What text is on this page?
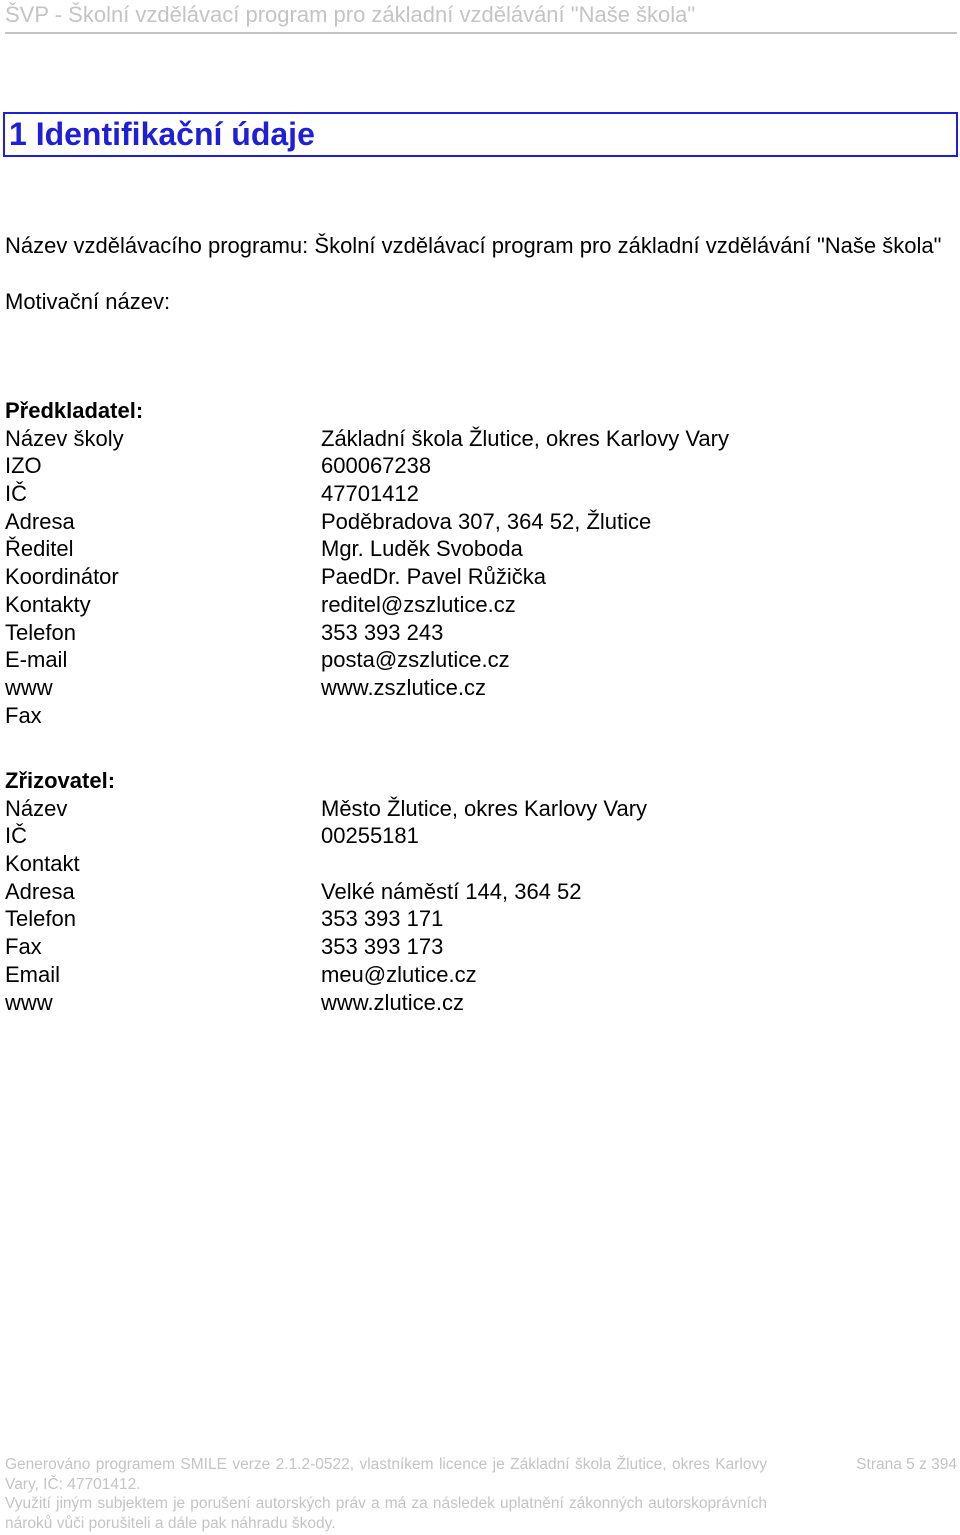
ŠVP - Školní vzdělávací program pro základní vzdělávání "Naše škola"
1 Identifikační údaje
Název vzdělávacího programu: Školní vzdělávací program pro základní vzdělávání "Naše škola"
Motivační název:
Předkladatel:
Název školy	Základní škola Žlutice, okres Karlovy Vary
IZO	600067238
IČ	47701412
Adresa	Poděbradova 307, 364 52, Žlutice
Ředitel	Mgr. Luděk Svoboda
Koordinátor	PaedDr. Pavel Růžička
Kontakty	reditel@zszlutice.cz
Telefon	353 393 243
E-mail	posta@zszlutice.cz
www	www.zszlutice.cz
Fax
Zřizovatel:
Název	Město Žlutice, okres Karlovy Vary
IČ	00255181
Kontakt
Adresa	Velké náměstí 144, 364 52
Telefon	353 393 171
Fax	353 393 173
Email	meu@zlutice.cz
www	www.zlutice.cz
Generováno programem SMILE verze 2.1.2-0522, vlastníkem licence je Základní škola Žlutice, okres Karlovy Vary, IČ: 47701412.
Strana 5 z 394
Využití jiným subjektem je porušení autorských práv a má za následek uplatnění zákonných autorskoprávních nároků vůči porušiteli a dále pak náhradu škody.
